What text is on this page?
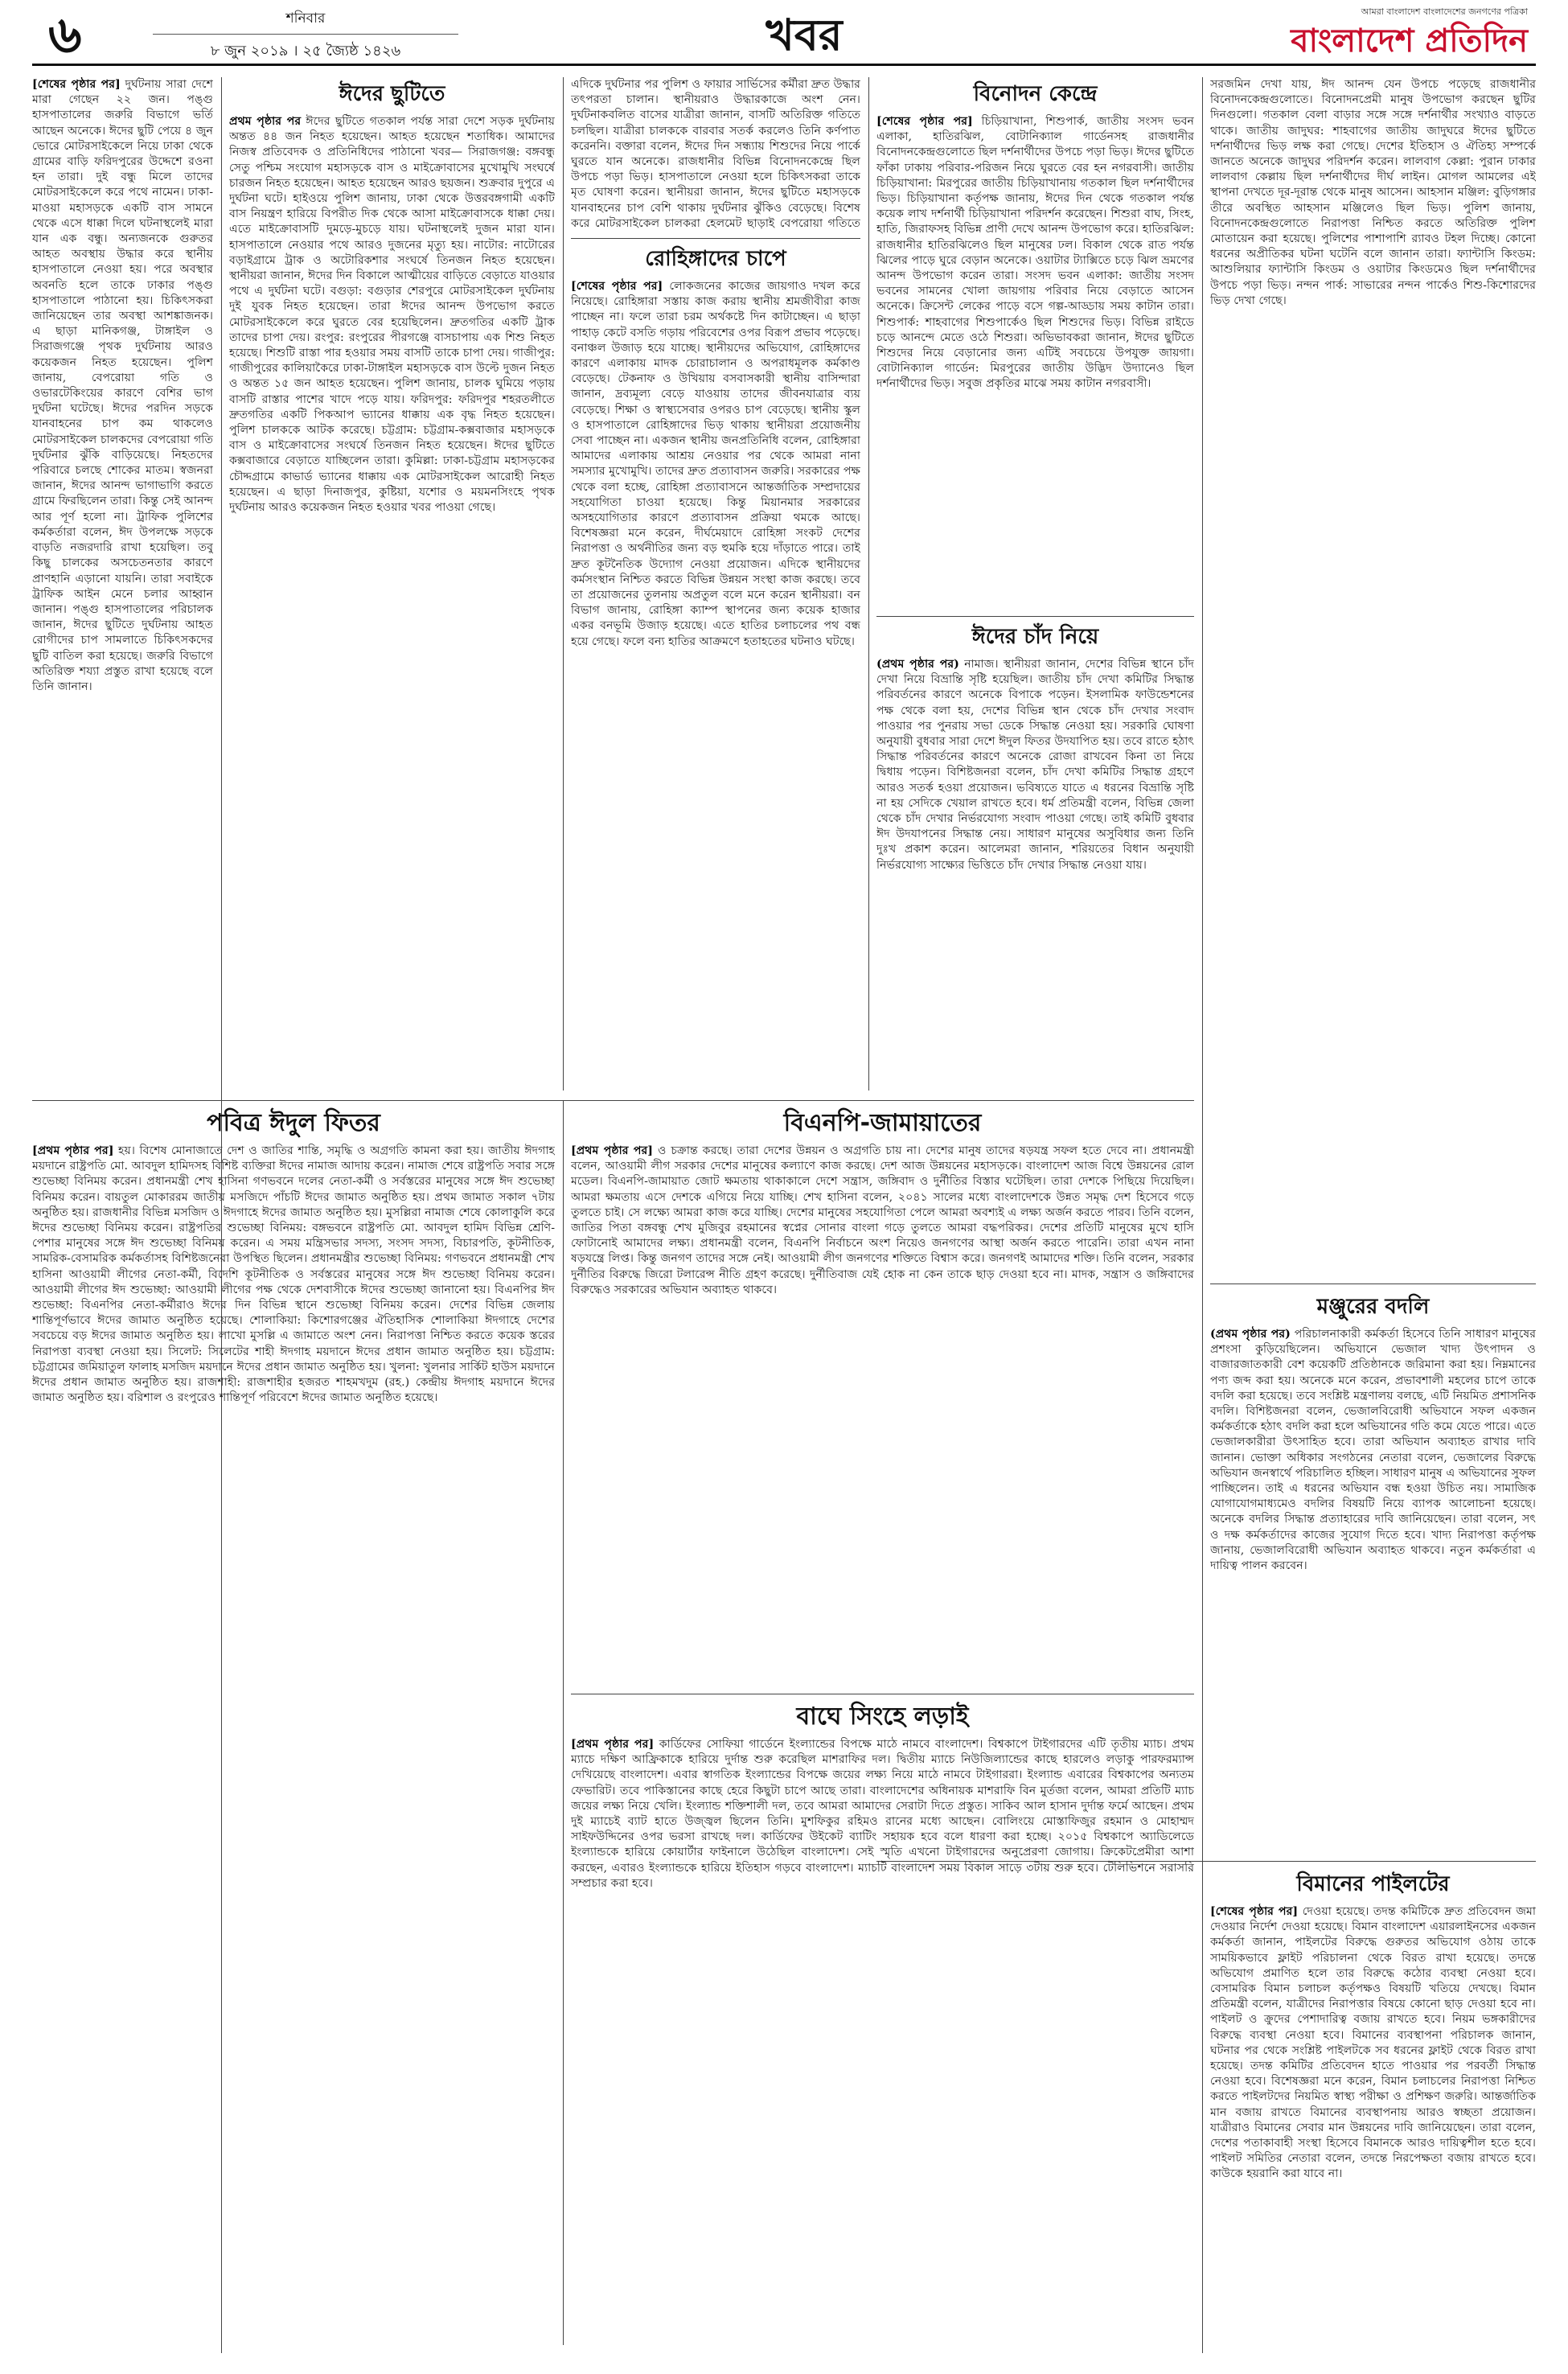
৬	শনিবার
৮ জুন ২০১৯ । ২৫ জ্যৈষ্ঠ ১৪২৬	খবর	আমরা বাংলাদেশ বাংলাদেশের জনগণের পত্রিকা
বাংলাদেশ প্রতিদিন

[শেষের পৃষ্ঠার পর] দুর্ঘটনায় সারা দেশে মারা গেছেন ২২ জন। পঙ্গু হাসপাতালের জরুরি বিভাগে ভর্তি আছেন অনেকে। ঈদের ছুটি পেয়ে ৪ জুন ভোরে মোটরসাইকেলে নিয়ে ঢাকা থেকে গ্রামের বাড়ি ফরিদপুরের উদ্দেশে রওনা হন তারা। দুই বন্ধু মিলে তাদের মোটরসাইকেলে করে পথে নামেন। ঢাকা-মাওয়া মহাসড়কে একটি বাস সামনে থেকে এসে ধাক্কা দিলে ঘটনাস্থলেই মারা যান এক বন্ধু। অন্যজনকে গুরুতর আহত অবস্থায় উদ্ধার করে স্থানীয় হাসপাতালে নেওয়া হয়। পরে অবস্থার অবনতি হলে তাকে ঢাকার পঙ্গু হাসপাতালে পাঠানো হয়। চিকিৎসকরা জানিয়েছেন তার অবস্থা আশঙ্কাজনক। এ ছাড়া মানিকগঞ্জ, টাঙ্গাইল ও সিরাজগঞ্জে পৃথক দুর্ঘটনায় আরও কয়েকজন নিহত হয়েছেন। পুলিশ জানায়, বেপরোয়া গতি ও ওভারটেকিংয়ের কারণে বেশির ভাগ দুর্ঘটনা ঘটেছে। ঈদের পরদিন সড়কে যানবাহনের চাপ কম থাকলেও মোটরসাইকেল চালকদের বেপরোয়া গতি দুর্ঘটনার ঝুঁকি বাড়িয়েছে। নিহতদের পরিবারে চলছে শোকের মাতম। স্বজনরা জানান, ঈদের আনন্দ ভাগাভাগি করতে গ্রামে ফিরছিলেন তারা। কিন্তু সেই আনন্দ আর পূর্ণ হলো না। ট্রাফিক পুলিশের কর্মকর্তারা বলেন, ঈদ উপলক্ষে সড়কে বাড়তি নজরদারি রাখা হয়েছিল। তবু কিছু চালকের অসচেতনতার কারণে প্রাণহানি এড়ানো যায়নি। তারা সবাইকে ট্রাফিক আইন মেনে চলার আহ্বান জানান। পঙ্গু হাসপাতালের পরিচালক জানান, ঈদের ছুটিতে দুর্ঘটনায় আহত রোগীদের চাপ সামলাতে চিকিৎসকদের ছুটি বাতিল করা হয়েছে। জরুরি বিভাগে অতিরিক্ত শয্যা প্রস্তুত রাখা হয়েছে বলে তিনি জানান।

ঈদের ছুটিতে

প্রথম পৃষ্ঠার পর ঈদের ছুটিতে গতকাল পর্যন্ত সারা দেশে সড়ক দুর্ঘটনায় অন্তত ৪৪ জন নিহত হয়েছেন। আহত হয়েছেন শতাধিক। আমাদের নিজস্ব প্রতিবেদক ও প্রতিনিধিদের পাঠানো খবর— সিরাজগঞ্জ: বঙ্গবন্ধু সেতু পশ্চিম সংযোগ মহাসড়কে বাস ও মাইক্রোবাসের মুখোমুখি সংঘর্ষে চারজন নিহত হয়েছেন। আহত হয়েছেন আরও ছয়জন। শুক্রবার দুপুরে এ দুর্ঘটনা ঘটে। হাইওয়ে পুলিশ জানায়, ঢাকা থেকে উত্তরবঙ্গগামী একটি বাস নিয়ন্ত্রণ হারিয়ে বিপরীত দিক থেকে আসা মাইক্রোবাসকে ধাক্কা দেয়। এতে মাইক্রোবাসটি দুমড়ে-মুচড়ে যায়। ঘটনাস্থলেই দুজন মারা যান। হাসপাতালে নেওয়ার পথে আরও দুজনের মৃত্যু হয়। নাটোর: নাটোরের বড়াইগ্রামে ট্রাক ও অটোরিকশার সংঘর্ষে তিনজন নিহত হয়েছেন। স্থানীয়রা জানান, ঈদের দিন বিকালে আত্মীয়ের বাড়িতে বেড়াতে যাওয়ার পথে এ দুর্ঘটনা ঘটে। বগুড়া: বগুড়ার শেরপুরে মোটরসাইকেল দুর্ঘটনায় দুই যুবক নিহত হয়েছেন। তারা ঈদের আনন্দ উপভোগ করতে মোটরসাইকেলে করে ঘুরতে বের হয়েছিলেন। দ্রুতগতির একটি ট্রাক তাদের চাপা দেয়। রংপুর: রংপুরের পীরগঞ্জে বাসচাপায় এক শিশু নিহত হয়েছে। শিশুটি রাস্তা পার হওয়ার সময় বাসটি তাকে চাপা দেয়। গাজীপুর: গাজীপুরের কালিয়াকৈরে ঢাকা-টাঙ্গাইল মহাসড়কে বাস উল্টে দুজন নিহত ও অন্তত ১৫ জন আহত হয়েছেন। পুলিশ জানায়, চালক ঘুমিয়ে পড়ায় বাসটি রাস্তার পাশের খাদে পড়ে যায়। ফরিদপুর: ফরিদপুর শহরতলীতে দ্রুতগতির একটি পিকআপ ভ্যানের ধাক্কায় এক বৃদ্ধ নিহত হয়েছেন। পুলিশ চালককে আটক করেছে। চট্টগ্রাম: চট্টগ্রাম-কক্সবাজার মহাসড়কে বাস ও মাইক্রোবাসের সংঘর্ষে তিনজন নিহত হয়েছেন। ঈদের ছুটিতে কক্সবাজারে বেড়াতে যাচ্ছিলেন তারা। কুমিল্লা: ঢাকা-চট্টগ্রাম মহাসড়কের চৌদ্দগ্রামে কাভার্ড ভ্যানের ধাক্কায় এক মোটরসাইকেল আরোহী নিহত হয়েছেন। এ ছাড়া দিনাজপুর, কুষ্টিয়া, যশোর ও ময়মনসিংহে পৃথক দুর্ঘটনায় আরও কয়েকজন নিহত হওয়ার খবর পাওয়া গেছে।

এদিকে দুর্ঘটনার পর পুলিশ ও ফায়ার সার্ভিসের কর্মীরা দ্রুত উদ্ধার তৎপরতা চালান। স্থানীয়রাও উদ্ধারকাজে অংশ নেন। দুর্ঘটনাকবলিত বাসের যাত্রীরা জানান, বাসটি অতিরিক্ত গতিতে চলছিল। যাত্রীরা চালককে বারবার সতর্ক করলেও তিনি কর্ণপাত করেননি। বক্তারা বলেন, ঈদের দিন সন্ধ্যায় শিশুদের নিয়ে পার্কে ঘুরতে যান অনেকে। রাজধানীর বিভিন্ন বিনোদনকেন্দ্রে ছিল উপচে পড়া ভিড়। হাসপাতালে নেওয়া হলে চিকিৎসকরা তাকে মৃত ঘোষণা করেন। স্থানীয়রা জানান, ঈদের ছুটিতে মহাসড়কে যানবাহনের চাপ বেশি থাকায় দুর্ঘটনার ঝুঁকিও বেড়েছে। বিশেষ করে মোটরসাইকেল চালকরা হেলমেট ছাড়াই বেপরোয়া গতিতে

রোহিঙ্গাদের চাপে

[শেষের পৃষ্ঠার পর] লোকজনের কাজের জায়গাও দখল করে নিয়েছে। রোহিঙ্গারা সস্তায় কাজ করায় স্থানীয় শ্রমজীবীরা কাজ পাচ্ছেন না। ফলে তারা চরম অর্থকষ্টে দিন কাটাচ্ছেন। এ ছাড়া পাহাড় কেটে বসতি গড়ায় পরিবেশের ওপর বিরূপ প্রভাব পড়েছে। বনাঞ্চল উজাড় হয়ে যাচ্ছে। স্থানীয়দের অভিযোগ, রোহিঙ্গাদের কারণে এলাকায় মাদক চোরাচালান ও অপরাধমূলক কর্মকাণ্ড বেড়েছে। টেকনাফ ও উখিয়ায় বসবাসকারী স্থানীয় বাসিন্দারা জানান, দ্রব্যমূল্য বেড়ে যাওয়ায় তাদের জীবনযাত্রার ব্যয় বেড়েছে। শিক্ষা ও স্বাস্থ্যসেবার ওপরও চাপ বেড়েছে। স্থানীয় স্কুল ও হাসপাতালে রোহিঙ্গাদের ভিড় থাকায় স্থানীয়রা প্রয়োজনীয় সেবা পাচ্ছেন না। একজন স্থানীয় জনপ্রতিনিধি বলেন, রোহিঙ্গারা আমাদের এলাকায় আশ্রয় নেওয়ার পর থেকে আমরা নানা সমস্যার মুখোমুখি। তাদের দ্রুত প্রত্যাবাসন জরুরি। সরকারের পক্ষ থেকে বলা হচ্ছে, রোহিঙ্গা প্রত্যাবাসনে আন্তর্জাতিক সম্প্রদায়ের সহযোগিতা চাওয়া হয়েছে। কিন্তু মিয়ানমার সরকারের অসহযোগিতার কারণে প্রত্যাবাসন প্রক্রিয়া থমকে আছে। বিশেষজ্ঞরা মনে করেন, দীর্ঘমেয়াদে রোহিঙ্গা সংকট দেশের নিরাপত্তা ও অর্থনীতির জন্য বড় হুমকি হয়ে দাঁড়াতে পারে। তাই দ্রুত কূটনৈতিক উদ্যোগ নেওয়া প্রয়োজন। এদিকে স্থানীয়দের কর্মসংস্থান নিশ্চিত করতে বিভিন্ন উন্নয়ন সংস্থা কাজ করছে। তবে তা প্রয়োজনের তুলনায় অপ্রতুল বলে মনে করেন স্থানীয়রা। বন বিভাগ জানায়, রোহিঙ্গা ক্যাম্প স্থাপনের জন্য কয়েক হাজার একর বনভূমি উজাড় হয়েছে। এতে হাতির চলাচলের পথ বন্ধ হয়ে গেছে। ফলে বন্য হাতির আক্রমণে হতাহতের ঘটনাও ঘটছে।

বিনোদন কেন্দ্রে

[শেষের পৃষ্ঠার পর] চিড়িয়াখানা, শিশুপার্ক, জাতীয় সংসদ ভবন এলাকা, হাতিরঝিল, বোটানিক্যাল গার্ডেনসহ রাজধানীর বিনোদনকেন্দ্রগুলোতে ছিল দর্শনার্থীদের উপচে পড়া ভিড়। ঈদের ছুটিতে ফাঁকা ঢাকায় পরিবার-পরিজন নিয়ে ঘুরতে বের হন নগরবাসী। জাতীয় চিড়িয়াখানা: মিরপুরের জাতীয় চিড়িয়াখানায় গতকাল ছিল দর্শনার্থীদের ভিড়। চিড়িয়াখানা কর্তৃপক্ষ জানায়, ঈদের দিন থেকে গতকাল পর্যন্ত কয়েক লাখ দর্শনার্থী চিড়িয়াখানা পরিদর্শন করেছেন। শিশুরা বাঘ, সিংহ, হাতি, জিরাফসহ বিভিন্ন প্রাণী দেখে আনন্দ উপভোগ করে। হাতিরঝিল: রাজধানীর হাতিরঝিলেও ছিল মানুষের ঢল। বিকাল থেকে রাত পর্যন্ত ঝিলের পাড়ে ঘুরে বেড়ান অনেকে। ওয়াটার ট্যাক্সিতে চড়ে ঝিল ভ্রমণের আনন্দ উপভোগ করেন তারা। সংসদ ভবন এলাকা: জাতীয় সংসদ ভবনের সামনের খোলা জায়গায় পরিবার নিয়ে বেড়াতে আসেন অনেকে। ক্রিসেন্ট লেকের পাড়ে বসে গল্প-আড্ডায় সময় কাটান তারা। শিশুপার্ক: শাহবাগের শিশুপার্কেও ছিল শিশুদের ভিড়। বিভিন্ন রাইডে চড়ে আনন্দে মেতে ওঠে শিশুরা। অভিভাবকরা জানান, ঈদের ছুটিতে শিশুদের নিয়ে বেড়ানোর জন্য এটিই সবচেয়ে উপযুক্ত জায়গা। বোটানিক্যাল গার্ডেন: মিরপুরের জাতীয় উদ্ভিদ উদ্যানেও ছিল দর্শনার্থীদের ভিড়। সবুজ প্রকৃতির মাঝে সময় কাটান নগরবাসী।

ঈদের চাঁদ নিয়ে

(প্রথম পৃষ্ঠার পর) নামাজ। স্থানীয়রা জানান, দেশের বিভিন্ন স্থানে চাঁদ দেখা নিয়ে বিভ্রান্তি সৃষ্টি হয়েছিল। জাতীয় চাঁদ দেখা কমিটির সিদ্ধান্ত পরিবর্তনের কারণে অনেকে বিপাকে পড়েন। ইসলামিক ফাউন্ডেশনের পক্ষ থেকে বলা হয়, দেশের বিভিন্ন স্থান থেকে চাঁদ দেখার সংবাদ পাওয়ার পর পুনরায় সভা ডেকে সিদ্ধান্ত নেওয়া হয়। সরকারি ঘোষণা অনুযায়ী বুধবার সারা দেশে ঈদুল ফিতর উদযাপিত হয়। তবে রাতে হঠাৎ সিদ্ধান্ত পরিবর্তনের কারণে অনেকে রোজা রাখবেন কিনা তা নিয়ে দ্বিধায় পড়েন। বিশিষ্টজনরা বলেন, চাঁদ দেখা কমিটির সিদ্ধান্ত গ্রহণে আরও সতর্ক হওয়া প্রয়োজন। ভবিষ্যতে যাতে এ ধরনের বিভ্রান্তি সৃষ্টি না হয় সেদিকে খেয়াল রাখতে হবে। ধর্ম প্রতিমন্ত্রী বলেন, বিভিন্ন জেলা থেকে চাঁদ দেখার নির্ভরযোগ্য সংবাদ পাওয়া গেছে। তাই কমিটি বুধবার ঈদ উদযাপনের সিদ্ধান্ত নেয়। সাধারণ মানুষের অসুবিধার জন্য তিনি দুঃখ প্রকাশ করেন। আলেমরা জানান, শরিয়তের বিধান অনুযায়ী নির্ভরযোগ্য সাক্ষ্যের ভিত্তিতে চাঁদ দেখার সিদ্ধান্ত নেওয়া যায়।

সরজমিন দেখা যায়, ঈদ আনন্দ যেন উপচে পড়েছে রাজধানীর বিনোদনকেন্দ্রগুলোতে। বিনোদনপ্রেমী মানুষ উপভোগ করছেন ছুটির দিনগুলো। গতকাল বেলা বাড়ার সঙ্গে সঙ্গে দর্শনার্থীর সংখ্যাও বাড়তে থাকে। জাতীয় জাদুঘর: শাহবাগের জাতীয় জাদুঘরে ঈদের ছুটিতে দর্শনার্থীদের ভিড় লক্ষ করা গেছে। দেশের ইতিহাস ও ঐতিহ্য সম্পর্কে জানতে অনেকে জাদুঘর পরিদর্শন করেন। লালবাগ কেল্লা: পুরান ঢাকার লালবাগ কেল্লায় ছিল দর্শনার্থীদের দীর্ঘ লাইন। মোগল আমলের এই স্থাপনা দেখতে দূর-দূরান্ত থেকে মানুষ আসেন। আহসান মঞ্জিল: বুড়িগঙ্গার তীরে অবস্থিত আহসান মঞ্জিলেও ছিল ভিড়। পুলিশ জানায়, বিনোদনকেন্দ্রগুলোতে নিরাপত্তা নিশ্চিত করতে অতিরিক্ত পুলিশ মোতায়েন করা হয়েছে। পুলিশের পাশাপাশি র‌্যাবও টহল দিচ্ছে। কোনো ধরনের অপ্রীতিকর ঘটনা ঘটেনি বলে জানান তারা। ফ্যান্টাসি কিংডম: আশুলিয়ার ফ্যান্টাসি কিংডম ও ওয়াটার কিংডমেও ছিল দর্শনার্থীদের উপচে পড়া ভিড়। নন্দন পার্ক: সাভারের নন্দন পার্কেও শিশু-কিশোরদের ভিড় দেখা গেছে।

পবিত্র ঈদুল ফিতর

[প্রথম পৃষ্ঠার পর] হয়। বিশেষ মোনাজাতে দেশ ও জাতির শান্তি, সমৃদ্ধি ও অগ্রগতি কামনা করা হয়। জাতীয় ঈদগাহ ময়দানে রাষ্ট্রপতি মো. আবদুল হামিদসহ বিশিষ্ট ব্যক্তিরা ঈদের নামাজ আদায় করেন। নামাজ শেষে রাষ্ট্রপতি সবার সঙ্গে শুভেচ্ছা বিনিময় করেন। প্রধানমন্ত্রী শেখ হাসিনা গণভবনে দলের নেতা-কর্মী ও সর্বস্তরের মানুষের সঙ্গে ঈদ শুভেচ্ছা বিনিময় করেন। বায়তুল মোকাররম জাতীয় মসজিদে পাঁচটি ঈদের জামাত অনুষ্ঠিত হয়। প্রথম জামাত সকাল ৭টায় অনুষ্ঠিত হয়। রাজধানীর বিভিন্ন মসজিদ ও ঈদগাহে ঈদের জামাত অনুষ্ঠিত হয়। মুসল্লিরা নামাজ শেষে কোলাকুলি করে ঈদের শুভেচ্ছা বিনিময় করেন। রাষ্ট্রপতির শুভেচ্ছা বিনিময়: বঙ্গভবনে রাষ্ট্রপতি মো. আবদুল হামিদ বিভিন্ন শ্রেণি-পেশার মানুষের সঙ্গে ঈদ শুভেচ্ছা বিনিময় করেন। এ সময় মন্ত্রিসভার সদস্য, সংসদ সদস্য, বিচারপতি, কূটনীতিক, সামরিক-বেসামরিক কর্মকর্তাসহ বিশিষ্টজনেরা উপস্থিত ছিলেন। প্রধানমন্ত্রীর শুভেচ্ছা বিনিময়: গণভবনে প্রধানমন্ত্রী শেখ হাসিনা আওয়ামী লীগের নেতা-কর্মী, বিদেশি কূটনীতিক ও সর্বস্তরের মানুষের সঙ্গে ঈদ শুভেচ্ছা বিনিময় করেন। আওয়ামী লীগের ঈদ শুভেচ্ছা: আওয়ামী লীগের পক্ষ থেকে দেশবাসীকে ঈদের শুভেচ্ছা জানানো হয়। বিএনপির ঈদ শুভেচ্ছা: বিএনপির নেতা-কর্মীরাও ঈদের দিন বিভিন্ন স্থানে শুভেচ্ছা বিনিময় করেন। দেশের বিভিন্ন জেলায় শান্তিপূর্ণভাবে ঈদের জামাত অনুষ্ঠিত হয়েছে। শোলাকিয়া: কিশোরগঞ্জের ঐতিহাসিক শোলাকিয়া ঈদগাহে দেশের সবচেয়ে বড় ঈদের জামাত অনুষ্ঠিত হয়। লাখো মুসল্লি এ জামাতে অংশ নেন। নিরাপত্তা নিশ্চিত করতে কয়েক স্তরের নিরাপত্তা ব্যবস্থা নেওয়া হয়। সিলেট: সিলেটের শাহী ঈদগাহ ময়দানে ঈদের প্রধান জামাত অনুষ্ঠিত হয়। চট্টগ্রাম: চট্টগ্রামের জমিয়াতুল ফালাহ মসজিদ ময়দানে ঈদের প্রধান জামাত অনুষ্ঠিত হয়। খুলনা: খুলনার সার্কিট হাউস ময়দানে ঈদের প্রধান জামাত অনুষ্ঠিত হয়। রাজশাহী: রাজশাহীর হজরত শাহমখদুম (রহ.) কেন্দ্রীয় ঈদগাহ ময়দানে ঈদের জামাত অনুষ্ঠিত হয়। বরিশাল ও রংপুরেও শান্তিপূর্ণ পরিবেশে ঈদের জামাত অনুষ্ঠিত হয়েছে।

বিএনপি-জামায়াতের

[প্রথম পৃষ্ঠার পর] ও চক্রান্ত করছে। তারা দেশের উন্নয়ন ও অগ্রগতি চায় না। দেশের মানুষ তাদের ষড়যন্ত্র সফল হতে দেবে না। প্রধানমন্ত্রী বলেন, আওয়ামী লীগ সরকার দেশের মানুষের কল্যাণে কাজ করছে। দেশ আজ উন্নয়নের মহাসড়কে। বাংলাদেশ আজ বিশ্বে উন্নয়নের রোল মডেল। বিএনপি-জামায়াত জোট ক্ষমতায় থাকাকালে দেশে সন্ত্রাস, জঙ্গিবাদ ও দুর্নীতির বিস্তার ঘটেছিল। তারা দেশকে পিছিয়ে দিয়েছিল। আমরা ক্ষমতায় এসে দেশকে এগিয়ে নিয়ে যাচ্ছি। শেখ হাসিনা বলেন, ২০৪১ সালের মধ্যে বাংলাদেশকে উন্নত সমৃদ্ধ দেশ হিসেবে গড়ে তুলতে চাই। সে লক্ষ্যে আমরা কাজ করে যাচ্ছি। দেশের মানুষের সহযোগিতা পেলে আমরা অবশ্যই এ লক্ষ্য অর্জন করতে পারব। তিনি বলেন, জাতির পিতা বঙ্গবন্ধু শেখ মুজিবুর রহমানের স্বপ্নের সোনার বাংলা গড়ে তুলতে আমরা বদ্ধপরিকর। দেশের প্রতিটি মানুষের মুখে হাসি ফোটানোই আমাদের লক্ষ্য। প্রধানমন্ত্রী বলেন, বিএনপি নির্বাচনে অংশ নিয়েও জনগণের আস্থা অর্জন করতে পারেনি। তারা এখন নানা ষড়যন্ত্রে লিপ্ত। কিন্তু জনগণ তাদের সঙ্গে নেই। আওয়ামী লীগ জনগণের শক্তিতে বিশ্বাস করে। জনগণই আমাদের শক্তি। তিনি বলেন, সরকার দুর্নীতির বিরুদ্ধে জিরো টলারেন্স নীতি গ্রহণ করেছে। দুর্নীতিবাজ যেই হোক না কেন তাকে ছাড় দেওয়া হবে না। মাদক, সন্ত্রাস ও জঙ্গিবাদের বিরুদ্ধেও সরকারের অভিযান অব্যাহত থাকবে।

বাঘে সিংহে লড়াই

[প্রথম পৃষ্ঠার পর] কার্ডিফের সোফিয়া গার্ডেনে ইংল্যান্ডের বিপক্ষে মাঠে নামবে বাংলাদেশ। বিশ্বকাপে টাইগারদের এটি তৃতীয় ম্যাচ। প্রথম ম্যাচে দক্ষিণ আফ্রিকাকে হারিয়ে দুর্দান্ত শুরু করেছিল মাশরাফির দল। দ্বিতীয় ম্যাচে নিউজিল্যান্ডের কাছে হারলেও লড়াকু পারফরম্যান্স দেখিয়েছে বাংলাদেশ। এবার স্বাগতিক ইংল্যান্ডের বিপক্ষে জয়ের লক্ষ্য নিয়ে মাঠে নামবে টাইগাররা। ইংল্যান্ড এবারের বিশ্বকাপের অন্যতম ফেভারিট। তবে পাকিস্তানের কাছে হেরে কিছুটা চাপে আছে তারা। বাংলাদেশের অধিনায়ক মাশরাফি বিন মুর্তজা বলেন, আমরা প্রতিটি ম্যাচ জয়ের লক্ষ্য নিয়ে খেলি। ইংল্যান্ড শক্তিশালী দল, তবে আমরা আমাদের সেরাটা দিতে প্রস্তুত। সাকিব আল হাসান দুর্দান্ত ফর্মে আছেন। প্রথম দুই ম্যাচেই ব্যাট হাতে উজ্জ্বল ছিলেন তিনি। মুশফিকুর রহিমও রানের মধ্যে আছেন। বোলিংয়ে মোস্তাফিজুর রহমান ও মোহাম্মদ সাইফউদ্দিনের ওপর ভরসা রাখছে দল। কার্ডিফের উইকেট ব্যাটিং সহায়ক হবে বলে ধারণা করা হচ্ছে। ২০১৫ বিশ্বকাপে অ্যাডিলেডে ইংল্যান্ডকে হারিয়ে কোয়ার্টার ফাইনালে উঠেছিল বাংলাদেশ। সেই স্মৃতি এখনো টাইগারদের অনুপ্রেরণা জোগায়। ক্রিকেটপ্রেমীরা আশা করছেন, এবারও ইংল্যান্ডকে হারিয়ে ইতিহাস গড়বে বাংলাদেশ। ম্যাচটি বাংলাদেশ সময় বিকাল সাড়ে ৩টায় শুরু হবে। টেলিভিশনে সরাসরি সম্প্রচার করা হবে।

মঞ্জুরের বদলি

(প্রথম পৃষ্ঠার পর) পরিচালনাকারী কর্মকর্তা হিসেবে তিনি সাধারণ মানুষের প্রশংসা কুড়িয়েছিলেন। অভিযানে ভেজাল খাদ্য উৎপাদন ও বাজারজাতকারী বেশ কয়েকটি প্রতিষ্ঠানকে জরিমানা করা হয়। নিম্নমানের পণ্য জব্দ করা হয়। অনেকে মনে করেন, প্রভাবশালী মহলের চাপে তাকে বদলি করা হয়েছে। তবে সংশ্লিষ্ট মন্ত্রণালয় বলছে, এটি নিয়মিত প্রশাসনিক বদলি। বিশিষ্টজনরা বলেন, ভেজালবিরোধী অভিযানে সফল একজন কর্মকর্তাকে হঠাৎ বদলি করা হলে অভিযানের গতি কমে যেতে পারে। এতে ভেজালকারীরা উৎসাহিত হবে। তারা অভিযান অব্যাহত রাখার দাবি জানান। ভোক্তা অধিকার সংগঠনের নেতারা বলেন, ভেজালের বিরুদ্ধে অভিযান জনস্বার্থে পরিচালিত হচ্ছিল। সাধারণ মানুষ এ অভিযানের সুফল পাচ্ছিলেন। তাই এ ধরনের অভিযান বন্ধ হওয়া উচিত নয়। সামাজিক যোগাযোগমাধ্যমেও বদলির বিষয়টি নিয়ে ব্যাপক আলোচনা হয়েছে। অনেকে বদলির সিদ্ধান্ত প্রত্যাহারের দাবি জানিয়েছেন। তারা বলেন, সৎ ও দক্ষ কর্মকর্তাদের কাজের সুযোগ দিতে হবে। খাদ্য নিরাপত্তা কর্তৃপক্ষ জানায়, ভেজালবিরোধী অভিযান অব্যাহত থাকবে। নতুন কর্মকর্তারা এ দায়িত্ব পালন করবেন।

বিমানের পাইলটের

[শেষের পৃষ্ঠার পর] দেওয়া হয়েছে। তদন্ত কমিটিকে দ্রুত প্রতিবেদন জমা দেওয়ার নির্দেশ দেওয়া হয়েছে। বিমান বাংলাদেশ এয়ারলাইনসের একজন কর্মকর্তা জানান, পাইলটের বিরুদ্ধে গুরুতর অভিযোগ ওঠায় তাকে সাময়িকভাবে ফ্লাইট পরিচালনা থেকে বিরত রাখা হয়েছে। তদন্তে অভিযোগ প্রমাণিত হলে তার বিরুদ্ধে কঠোর ব্যবস্থা নেওয়া হবে। বেসামরিক বিমান চলাচল কর্তৃপক্ষও বিষয়টি খতিয়ে দেখছে। বিমান প্রতিমন্ত্রী বলেন, যাত্রীদের নিরাপত্তার বিষয়ে কোনো ছাড় দেওয়া হবে না। পাইলট ও ক্রুদের পেশাদারিত্ব বজায় রাখতে হবে। নিয়ম ভঙ্গকারীদের বিরুদ্ধে ব্যবস্থা নেওয়া হবে। বিমানের ব্যবস্থাপনা পরিচালক জানান, ঘটনার পর থেকে সংশ্লিষ্ট পাইলটকে সব ধরনের ফ্লাইট থেকে বিরত রাখা হয়েছে। তদন্ত কমিটির প্রতিবেদন হাতে পাওয়ার পর পরবর্তী সিদ্ধান্ত নেওয়া হবে। বিশেষজ্ঞরা মনে করেন, বিমান চলাচলের নিরাপত্তা নিশ্চিত করতে পাইলটদের নিয়মিত স্বাস্থ্য পরীক্ষা ও প্রশিক্ষণ জরুরি। আন্তর্জাতিক মান বজায় রাখতে বিমানের ব্যবস্থাপনায় আরও স্বচ্ছতা প্রয়োজন। যাত্রীরাও বিমানের সেবার মান উন্নয়নের দাবি জানিয়েছেন। তারা বলেন, দেশের পতাকাবাহী সংস্থা হিসেবে বিমানকে আরও দায়িত্বশীল হতে হবে। পাইলট সমিতির নেতারা বলেন, তদন্তে নিরপেক্ষতা বজায় রাখতে হবে। কাউকে হয়রানি করা যাবে না।
